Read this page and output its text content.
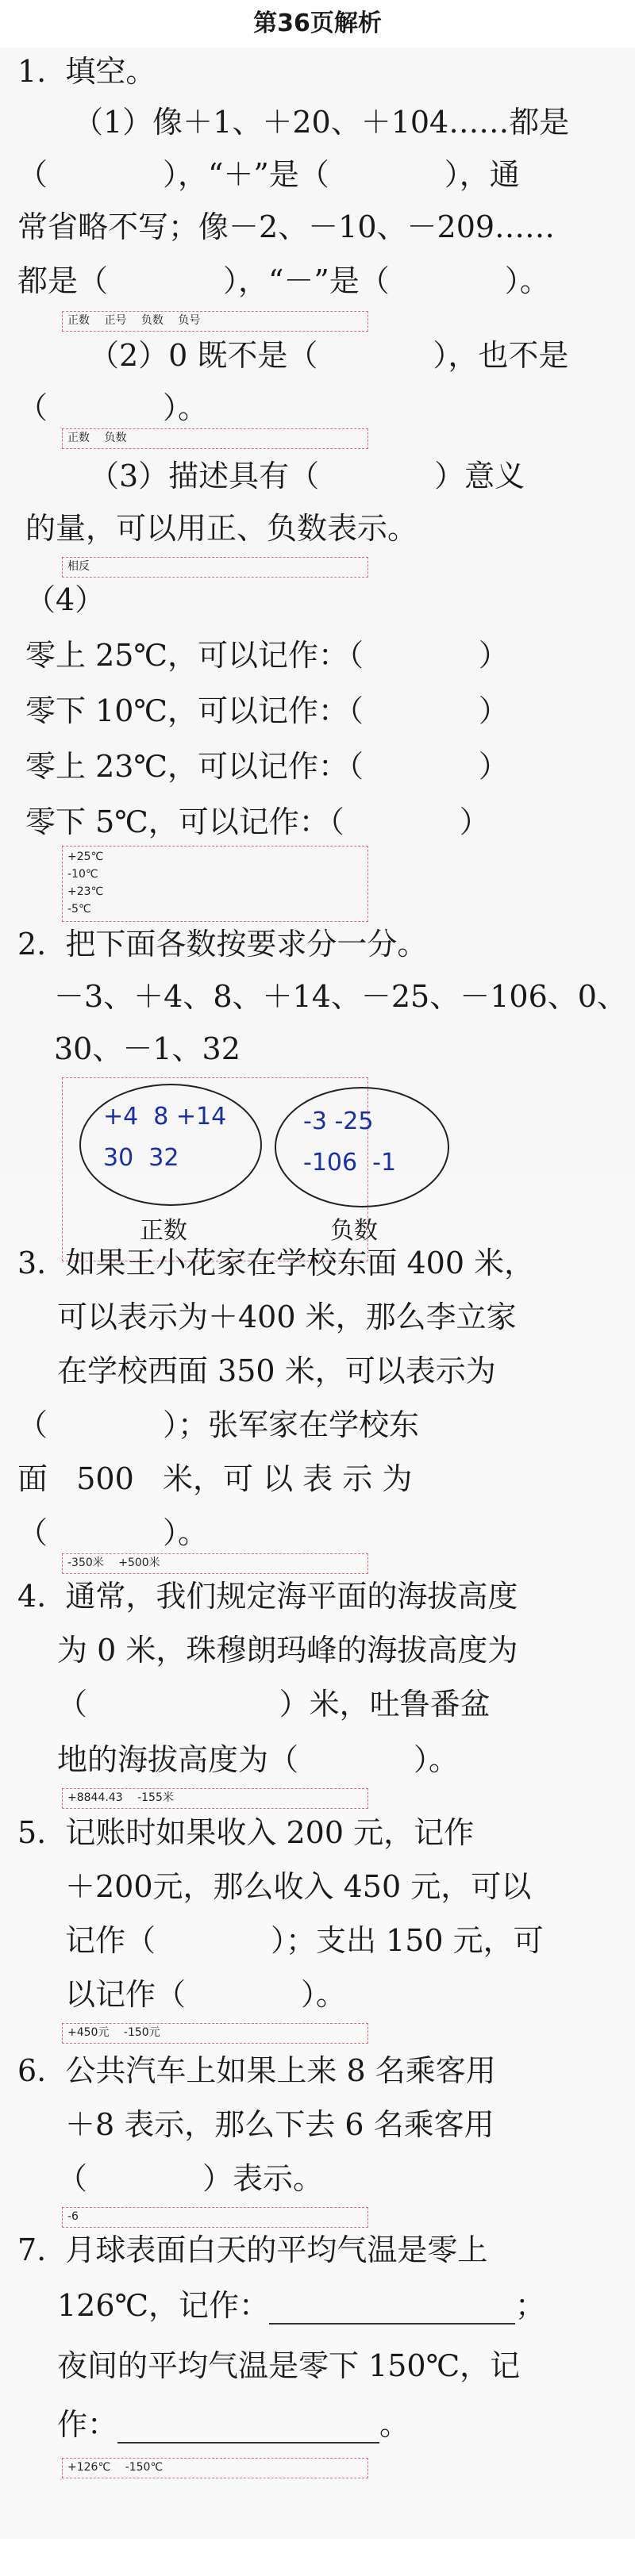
第36页解析
1.  填空。
（1）像＋1、＋20、＋104……都是
（            ），“＋”是（            ），通
常省略不写；像－2、－10、－209……
都是（            ），“－”是（            ）。
正数 正号 负数 负号
（2）0 既不是（            ），也不是
（            ）。
正数 负数
（3）描述具有（            ）意义
的量，可以用正、负数表示。
相反
（4）
零上 25℃，可以记作：（            ）
零下 10℃，可以记作：（            ）
零上 23℃，可以记作：（            ）
零下 5℃，可以记作：（            ）
+25℃
-10℃
+23℃
-5℃
2.  把下面各数按要求分一分。
－3、＋4、8、＋14、－25、－106、0、
30、－1、32
+4  8 +14
30  32
-3 -25
-106  -1
正数	负数
3.  如果王小花家在学校东面 400 米，
可以表示为＋400 米，那么李立家
在学校西面 350 米，可以表示为
（            ）；张军家在学校东
面   500   米，可 以 表 示 为
（            ）。
-350米 +500米
4.  通常，我们规定海平面的海拔高度
为 0 米，珠穆朗玛峰的海拔高度为
（                    ）米，吐鲁番盆
地的海拔高度为（            ）。
+8844.43 -155米
5.  记账时如果收入 200 元，记作
＋200元，那么收入 450 元，可以
记作（            ）；支出 150 元，可
以记作（            ）。
+450元 -150元
6.  公共汽车上如果上来 8 名乘客用
＋8 表示，那么下去 6 名乘客用
（            ）表示。
-6
7.  月球表面白天的平均气温是零上
126℃，记作：	；
夜间的平均气温是零下 150℃，记
作：	。
+126℃ -150℃
